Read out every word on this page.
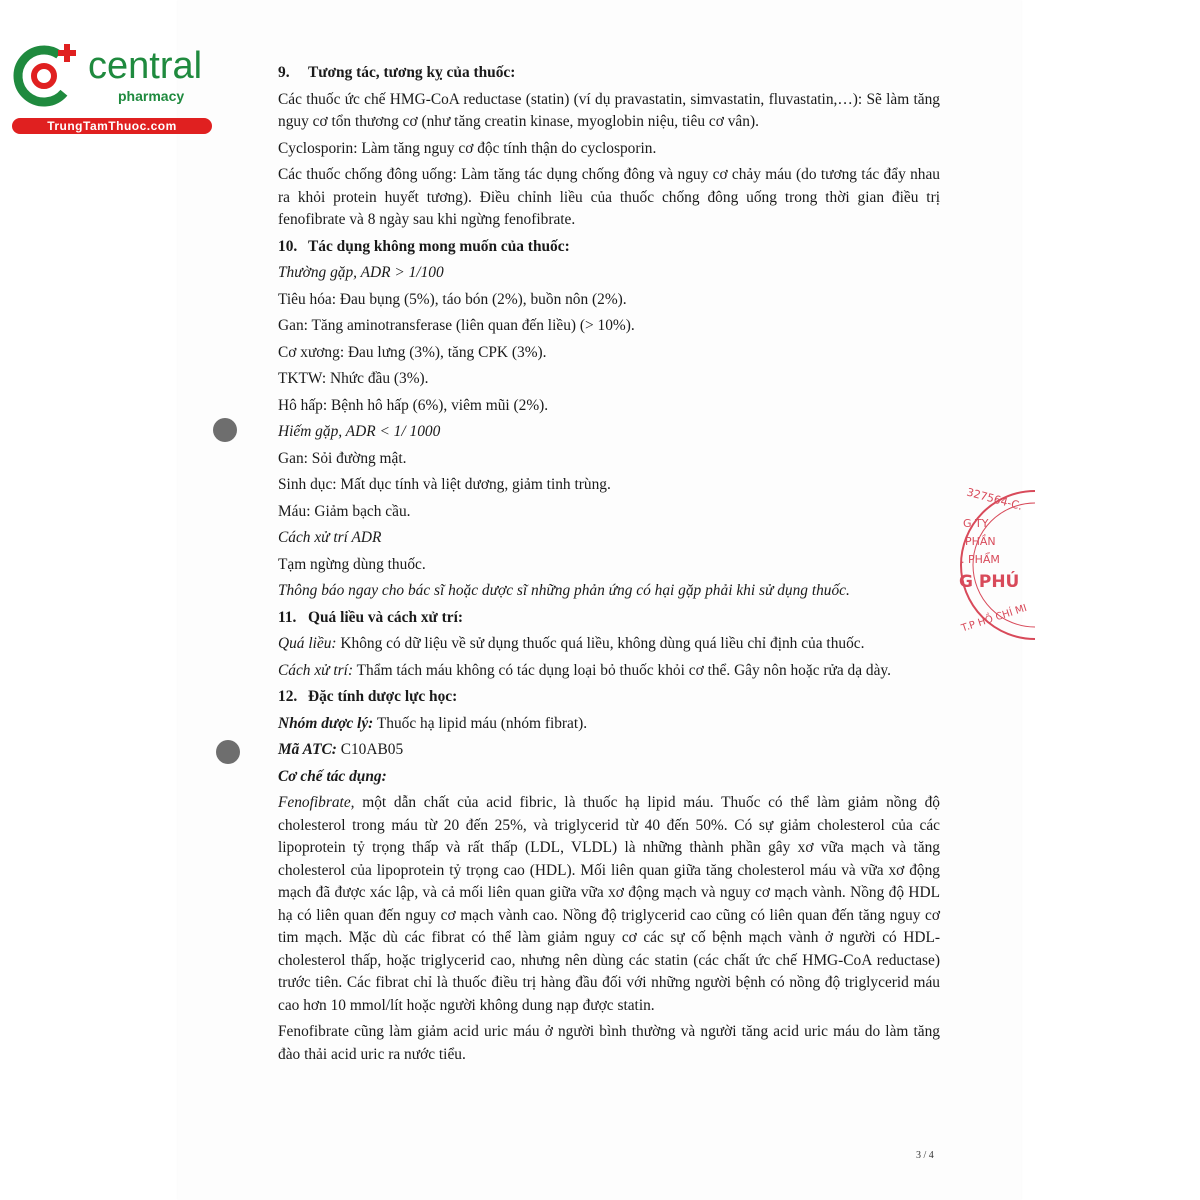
central
pharmacy
TrungTamThuoc.com
327564-C.
G TY
PHẦN
. PHẨM
G PHÚ
T.P HỒ CHÍ MI
9. Tương tác, tương kỵ của thuốc:

Các thuốc ức chế HMG-CoA reductase (statin) (ví dụ pravastatin, simvastatin, fluvastatin,…): Sẽ làm tăng nguy cơ tổn thương cơ (như tăng creatin kinase, myoglobin niệu, tiêu cơ vân).

Cyclosporin: Làm tăng nguy cơ độc tính thận do cyclosporin.

Các thuốc chống đông uống: Làm tăng tác dụng chống đông và nguy cơ chảy máu (do tương tác đẩy nhau ra khỏi protein huyết tương). Điều chỉnh liều của thuốc chống đông uống trong thời gian điều trị fenofibrate và 8 ngày sau khi ngừng fenofibrate.

10. Tác dụng không mong muốn của thuốc:

Thường gặp, ADR > 1/100

Tiêu hóa: Đau bụng (5%), táo bón (2%), buồn nôn (2%).

Gan: Tăng aminotransferase (liên quan đến liều) (> 10%).

Cơ xương: Đau lưng (3%), tăng CPK (3%).

TKTW: Nhức đầu (3%).

Hô hấp: Bệnh hô hấp (6%), viêm mũi (2%).

Hiếm gặp, ADR < 1/ 1000

Gan: Sỏi đường mật.

Sinh dục: Mất dục tính và liệt dương, giảm tinh trùng.

Máu: Giảm bạch cầu.

Cách xử trí ADR

Tạm ngừng dùng thuốc.

Thông báo ngay cho bác sĩ hoặc dược sĩ những phản ứng có hại gặp phải khi sử dụng thuốc.

11. Quá liều và cách xử trí:

Quá liều: Không có dữ liệu về sử dụng thuốc quá liều, không dùng quá liều chỉ định của thuốc.

Cách xử trí: Thẩm tách máu không có tác dụng loại bỏ thuốc khỏi cơ thể. Gây nôn hoặc rửa dạ dày.

12. Đặc tính dược lực học:

Nhóm dược lý: Thuốc hạ lipid máu (nhóm fibrat).

Mã ATC: C10AB05

Cơ chế tác dụng:

Fenofibrate, một dẫn chất của acid fibric, là thuốc hạ lipid máu. Thuốc có thể làm giảm nồng độ cholesterol trong máu từ 20 đến 25%, và triglycerid từ 40 đến 50%. Có sự giảm cholesterol của các lipoprotein tỷ trọng thấp và rất thấp (LDL, VLDL) là những thành phần gây xơ vữa mạch và tăng cholesterol của lipoprotein tỷ trọng cao (HDL). Mối liên quan giữa tăng cholesterol máu và vữa xơ động mạch đã được xác lập, và cả mối liên quan giữa vữa xơ động mạch và nguy cơ mạch vành. Nồng độ HDL hạ có liên quan đến nguy cơ mạch vành cao. Nồng độ triglycerid cao cũng có liên quan đến tăng nguy cơ tim mạch. Mặc dù các fibrat có thể làm giảm nguy cơ các sự cố bệnh mạch vành ở người có HDL-cholesterol thấp, hoặc triglycerid cao, nhưng nên dùng các statin (các chất ức chế HMG-CoA reductase) trước tiên. Các fibrat chỉ là thuốc điều trị hàng đầu đối với những người bệnh có nồng độ triglycerid máu cao hơn 10 mmol/lít hoặc người không dung nạp được statin.

Fenofibrate cũng làm giảm acid uric máu ở người bình thường và người tăng acid uric máu do làm tăng đào thải acid uric ra nước tiểu.

3 / 4
